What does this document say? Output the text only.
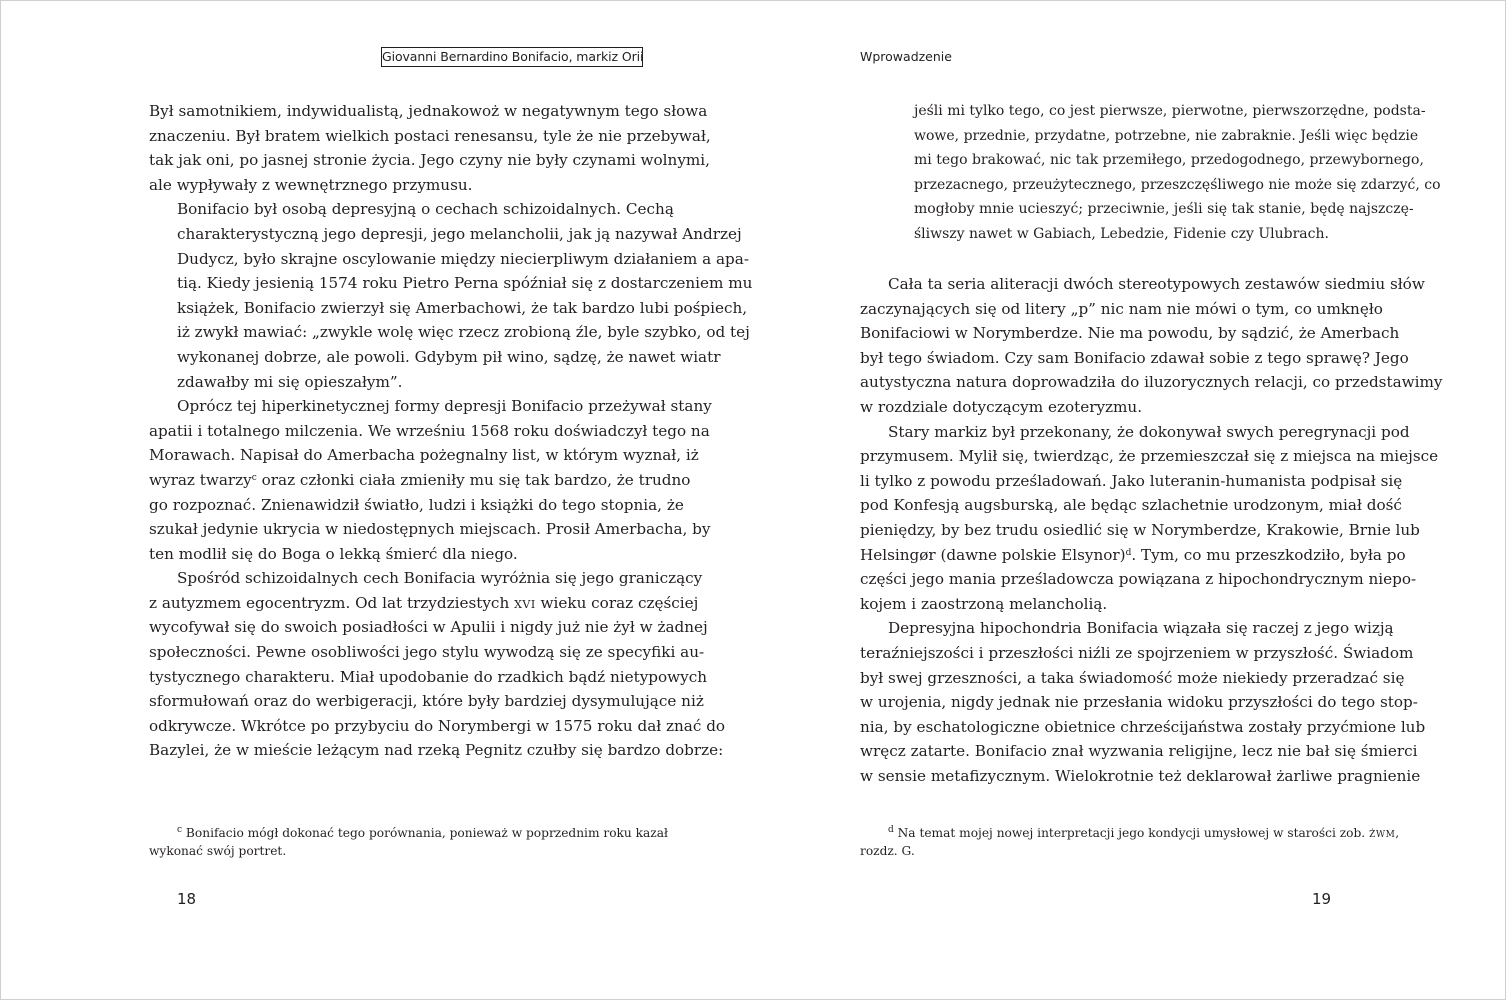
Giovanni Bernardino Bonifacio, markiz Orii

Był samotnikiem, indywidualistą, jednakowoż w negatywnym tego słowa
znaczeniu. Był bratem wielkich postaci renesansu, tyle że nie przebywał,
tak jak oni, po jasnej stronie życia. Jego czyny nie były czynami wolnymi,
ale wypływały z wewnętrznego przymusu.

Bonifacio był osobą depresyjną o cechach schizoidalnych. Cechą
charakterystyczną jego depresji, jego melancholii, jak ją nazywał Andrzej
Dudycz, było skrajne oscylowanie między niecierpliwym działaniem a apa-
tią. Kiedy jesienią 1574 roku Pietro Perna spóźniał się z dostarczeniem mu
książek, Bonifacio zwierzył się Amerbachowi, że tak bardzo lubi pośpiech,
iż zwykł mawiać: „zwykle wolę więc rzecz zrobioną źle, byle szybko, od tej
wykonanej dobrze, ale powoli. Gdybym pił wino, sądzę, że nawet wiatr
zdawałby mi się opieszałym”.

Oprócz tej hiperkinetycznej formy depresji Bonifacio przeżywał stany
apatii i totalnego milczenia. We wrześniu 1568 roku doświadczył tego na
Morawach. Napisał do Amerbacha pożegnalny list, w którym wyznał, iż
wyraz twarzy$^c$ oraz członki ciała zmieniły mu się tak bardzo, że trudno
go rozpoznać. Znienawidził światło, ludzi i książki do tego stopnia, że
szukał jedynie ukrycia w niedostępnych miejscach. Prosił Amerbacha, by
ten modlił się do Boga o lekką śmierć dla niego.

Spośród schizoidalnych cech Bonifacia wyróżnia się jego graniczący
z autyzmem egocentryzm. Od lat trzydziestych xvi wieku coraz częściej
wycofywał się do swoich posiadłości w Apulii i nigdy już nie żył w żadnej
społeczności. Pewne osobliwości jego stylu wywodzą się ze specyfiki au-
tystycznego charakteru. Miał upodobanie do rzadkich bądź nietypowych
sformułowań oraz do werbigeracji, które były bardziej dysymulujące niż
odkrywcze. Wkrótce po przybyciu do Norymbergi w 1575 roku dał znać do
Bazylei, że w mieście leżącym nad rzeką Pegnitz czułby się bardzo dobrze:

$^c$ Bonifacio mógł dokonać tego porównania, ponieważ w poprzednim roku kazał
wykonać swój portret.
18
Wprowadzenie
jeśli mi tylko tego, co jest pierwsze, pierwotne, pierwszorzędne, podsta-
wowe, przednie, przydatne, potrzebne, nie zabraknie. Jeśli więc będzie
mi tego brakować, nic tak przemiłego, przedogodnego, przewybornego,
przezacnego, przeużytecznego, przeszczęśliwego nie może się zdarzyć, co
mogłoby mnie ucieszyć; przeciwnie, jeśli się tak stanie, będę najszczę-
śliwszy nawet w Gabiach, Lebedzie, Fidenie czy Ulubrach.

Cała ta seria aliteracji dwóch stereotypowych zestawów siedmiu słów
zaczynających się od litery „p” nic nam nie mówi o tym, co umknęło
Bonifaciowi w Norymberdze. Nie ma powodu, by sądzić, że Amerbach
był tego świadom. Czy sam Bonifacio zdawał sobie z tego sprawę? Jego
autystyczna natura doprowadziła do iluzorycznych relacji, co przedstawimy
w rozdziale dotyczącym ezoteryzmu.

Stary markiz był przekonany, że dokonywał swych peregrynacji pod
przymusem. Mylił się, twierdząc, że przemieszczał się z miejsca na miejsce
li tylko z powodu prześladowań. Jako luteranin-humanista podpisał się
pod Konfesją augsburską, ale będąc szlachetnie urodzonym, miał dość
pieniędzy, by bez trudu osiedlić się w Norymberdze, Krakowie, Brnie lub
Helsingør (dawne polskie Elsynor)$^d$. Tym, co mu przeszkodziło, była po
części jego mania prześladowcza powiązana z hipochondrycznym niepo-
kojem i zaostrzoną melancholią.

Depresyjna hipochondria Bonifacia wiązała się raczej z jego wizją
teraźniejszości i przeszłości niźli ze spojrzeniem w przyszłość. Świadom
był swej grzeszności, a taka świadomość może niekiedy przeradzać się
w urojenia, nigdy jednak nie przesłania widoku przyszłości do tego stop-
nia, by eschatologiczne obietnice chrześcijaństwa zostały przyćmione lub
wręcz zatarte. Bonifacio znał wyzwania religijne, lecz nie bał się śmierci
w sensie metafizycznym. Wielokrotnie też deklarował żarliwe pragnienie

$^d$ Na temat mojej nowej interpretacji jego kondycji umysłowej w starości zob. żwm,
rozdz. G.
19
